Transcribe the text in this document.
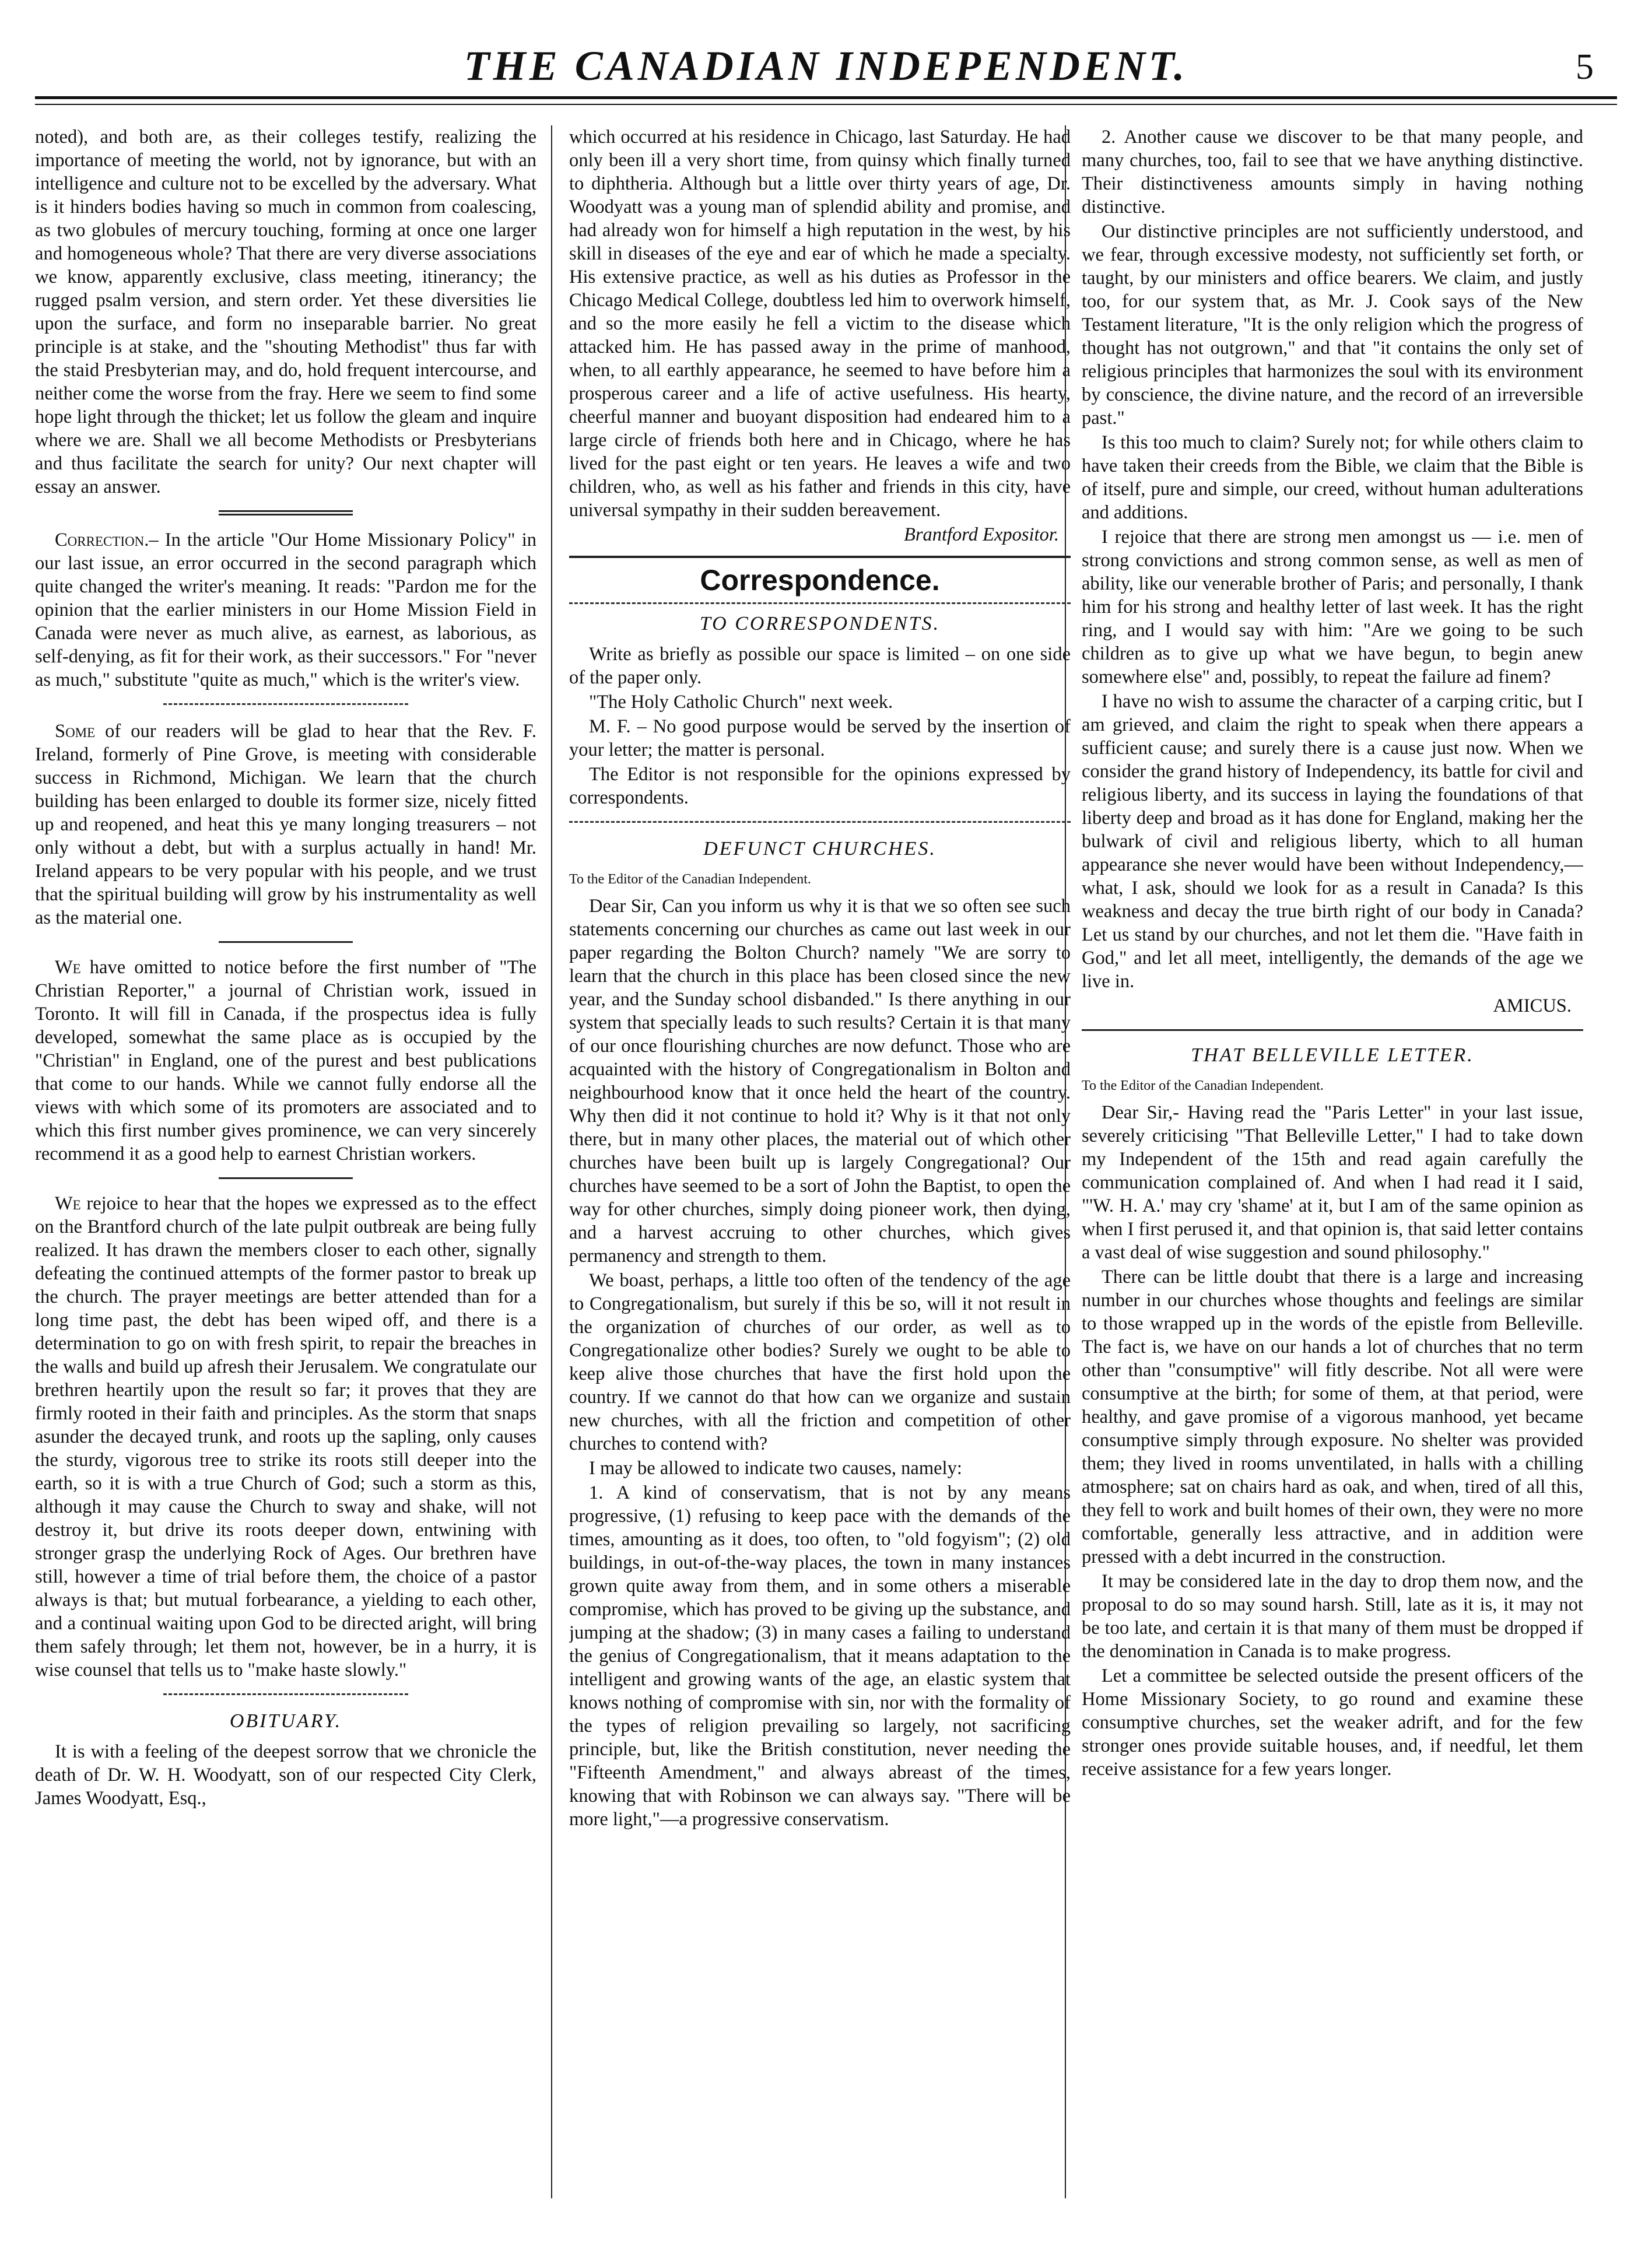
THE CANADIAN INDEPENDENT.	5

noted), and both are, as their colleges testify, realizing the importance of meeting the world, not by ignorance, but with an intelligence and culture not to be excelled by the adversary. What is it hinders bodies having so much in common from coalescing, as two globules of mercury touching, forming at once one larger and homogeneous whole? That there are very diverse associations we know, apparently exclusive, class meeting, itinerancy; the rugged psalm version, and stern order. Yet these diversities lie upon the surface, and form no inseparable barrier. No great principle is at stake, and the "shouting Methodist" thus far with the staid Presbyterian may, and do, hold frequent intercourse, and neither come the worse from the fray. Here we seem to find some hope light through the thicket; let us follow the gleam and inquire where we are. Shall we all become Methodists or Presbyterians and thus facilitate the search for unity? Our next chapter will essay an answer.

Correction.– In the article "Our Home Missionary Policy" in our last issue, an error occurred in the second paragraph which quite changed the writer's meaning. It reads: "Pardon me for the opinion that the earlier ministers in our Home Mission Field in Canada were never as much alive, as earnest, as laborious, as self-denying, as fit for their work, as their successors." For "never as much," substitute "quite as much," which is the writer's view.

Some of our readers will be glad to hear that the Rev. F. Ireland, formerly of Pine Grove, is meeting with considerable success in Richmond, Michigan. We learn that the church building has been enlarged to double its former size, nicely fitted up and reopened, and heat this ye many longing treasurers – not only without a debt, but with a surplus actually in hand! Mr. Ireland appears to be very popular with his people, and we trust that the spiritual building will grow by his instrumentality as well as the material one.

We have omitted to notice before the first number of "The Christian Reporter," a journal of Christian work, issued in Toronto. It will fill in Canada, if the prospectus idea is fully developed, somewhat the same place as is occupied by the "Christian" in England, one of the purest and best publications that come to our hands. While we cannot fully endorse all the views with which some of its promoters are associated and to which this first number gives prominence, we can very sincerely recommend it as a good help to earnest Christian workers.

We rejoice to hear that the hopes we expressed as to the effect on the Brantford church of the late pulpit outbreak are being fully realized. It has drawn the members closer to each other, signally defeating the continued attempts of the former pastor to break up the church. The prayer meetings are better attended than for a long time past, the debt has been wiped off, and there is a determination to go on with fresh spirit, to repair the breaches in the walls and build up afresh their Jerusalem. We congratulate our brethren heartily upon the result so far; it proves that they are firmly rooted in their faith and principles. As the storm that snaps asunder the decayed trunk, and roots up the sapling, only causes the sturdy, vigorous tree to strike its roots still deeper into the earth, so it is with a true Church of God; such a storm as this, although it may cause the Church to sway and shake, will not destroy it, but drive its roots deeper down, entwining with stronger grasp the underlying Rock of Ages. Our brethren have still, however a time of trial before them, the choice of a pastor always is that; but mutual forbearance, a yielding to each other, and a continual waiting upon God to be directed aright, will bring them safely through; let them not, however, be in a hurry, it is wise counsel that tells us to "make haste slowly."

OBITUARY.

It is with a feeling of the deepest sorrow that we chronicle the death of Dr. W. H. Woodyatt, son of our respected City Clerk, James Woodyatt, Esq.,

which occurred at his residence in Chicago, last Saturday. He had only been ill a very short time, from quinsy which finally turned to diphtheria. Although but a little over thirty years of age, Dr. Woodyatt was a young man of splendid ability and promise, and had already won for himself a high reputation in the west, by his skill in diseases of the eye and ear of which he made a specialty. His extensive practice, as well as his duties as Professor in the Chicago Medical College, doubtless led him to overwork himself, and so the more easily he fell a victim to the disease which attacked him. He has passed away in the prime of manhood, when, to all earthly appearance, he seemed to have before him a prosperous career and a life of active usefulness. His hearty, cheerful manner and buoyant disposition had endeared him to a large circle of friends both here and in Chicago, where he has lived for the past eight or ten years. He leaves a wife and two children, who, as well as his father and friends in this city, have universal sympathy in their sudden bereavement.

Brantford Expositor.

Correspondence.
TO CORRESPONDENTS.

Write as briefly as possible our space is limited – on one side of the paper only.

"The Holy Catholic Church" next week.

M. F. – No good purpose would be served by the insertion of your letter; the matter is personal.

The Editor is not responsible for the opinions expressed by correspondents.

DEFUNCT CHURCHES.

To the Editor of the Canadian Independent.

Dear Sir, Can you inform us why it is that we so often see such statements concerning our churches as came out last week in our paper regarding the Bolton Church? namely "We are sorry to learn that the church in this place has been closed since the new year, and the Sunday school disbanded." Is there anything in our system that specially leads to such results? Certain it is that many of our once flourishing churches are now defunct. Those who are acquainted with the history of Congregationalism in Bolton and neighbourhood know that it once held the heart of the country. Why then did it not continue to hold it? Why is it that not only there, but in many other places, the material out of which other churches have been built up is largely Congregational? Our churches have seemed to be a sort of John the Baptist, to open the way for other churches, simply doing pioneer work, then dying, and a harvest accruing to other churches, which gives permanency and strength to them.

We boast, perhaps, a little too often of the tendency of the age to Congregationalism, but surely if this be so, will it not result in the organization of churches of our order, as well as to Congregationalize other bodies? Surely we ought to be able to keep alive those churches that have the first hold upon the country. If we cannot do that how can we organize and sustain new churches, with all the friction and competition of other churches to contend with?

I may be allowed to indicate two causes, namely:

1. A kind of conservatism, that is not by any means progressive, (1) refusing to keep pace with the demands of the times, amounting as it does, too often, to "old fogyism"; (2) old buildings, in out-of-the-way places, the town in many instances grown quite away from them, and in some others a miserable compromise, which has proved to be giving up the substance, and jumping at the shadow; (3) in many cases a failing to understand the genius of Congregationalism, that it means adaptation to the intelligent and growing wants of the age, an elastic system that knows nothing of compromise with sin, nor with the formality of the types of religion prevailing so largely, not sacrificing principle, but, like the British constitution, never needing the "Fifteenth Amendment," and always abreast of the times, knowing that with Robinson we can always say. "There will be more light,"—a progressive conservatism.

2. Another cause we discover to be that many people, and many churches, too, fail to see that we have anything distinctive. Their distinctiveness amounts simply in having nothing distinctive.

Our distinctive principles are not sufficiently understood, and we fear, through excessive modesty, not sufficiently set forth, or taught, by our ministers and office bearers. We claim, and justly too, for our system that, as Mr. J. Cook says of the New Testament literature, "It is the only religion which the progress of thought has not outgrown," and that "it contains the only set of religious principles that harmonizes the soul with its environment by conscience, the divine nature, and the record of an irreversible past."

Is this too much to claim? Surely not; for while others claim to have taken their creeds from the Bible, we claim that the Bible is of itself, pure and simple, our creed, without human adulterations and additions.

I rejoice that there are strong men amongst us — i.e. men of strong convictions and strong common sense, as well as men of ability, like our venerable brother of Paris; and personally, I thank him for his strong and healthy letter of last week. It has the right ring, and I would say with him: "Are we going to be such children as to give up what we have begun, to begin anew somewhere else" and, possibly, to repeat the failure ad finem?

I have no wish to assume the character of a carping critic, but I am grieved, and claim the right to speak when there appears a sufficient cause; and surely there is a cause just now. When we consider the grand history of Independency, its battle for civil and religious liberty, and its success in laying the foundations of that liberty deep and broad as it has done for England, making her the bulwark of civil and religious liberty, which to all human appearance she never would have been without Independency,— what, I ask, should we look for as a result in Canada? Is this weakness and decay the true birth right of our body in Canada? Let us stand by our churches, and not let them die. "Have faith in God," and let all meet, intelligently, the demands of the age we live in.

AMICUS.

THAT BELLEVILLE LETTER.

To the Editor of the Canadian Independent.

Dear Sir,- Having read the "Paris Letter" in your last issue, severely criticising "That Belleville Letter," I had to take down my Independent of the 15th and read again carefully the communication complained of. And when I had read it I said, "'W. H. A.' may cry 'shame' at it, but I am of the same opinion as when I first perused it, and that opinion is, that said letter contains a vast deal of wise suggestion and sound philosophy."

There can be little doubt that there is a large and increasing number in our churches whose thoughts and feelings are similar to those wrapped up in the words of the epistle from Belleville. The fact is, we have on our hands a lot of churches that no term other than "consumptive" will fitly describe. Not all were were consumptive at the birth; for some of them, at that period, were healthy, and gave promise of a vigorous manhood, yet became consumptive simply through exposure. No shelter was provided them; they lived in rooms unventilated, in halls with a chilling atmosphere; sat on chairs hard as oak, and when, tired of all this, they fell to work and built homes of their own, they were no more comfortable, generally less attractive, and in addition were pressed with a debt incurred in the construction.

It may be considered late in the day to drop them now, and the proposal to do so may sound harsh. Still, late as it is, it may not be too late, and certain it is that many of them must be dropped if the denomination in Canada is to make progress.

Let a committee be selected outside the present officers of the Home Missionary Society, to go round and examine these consumptive churches, set the weaker adrift, and for the few stronger ones provide suitable houses, and, if needful, let them receive assistance for a few years longer.
